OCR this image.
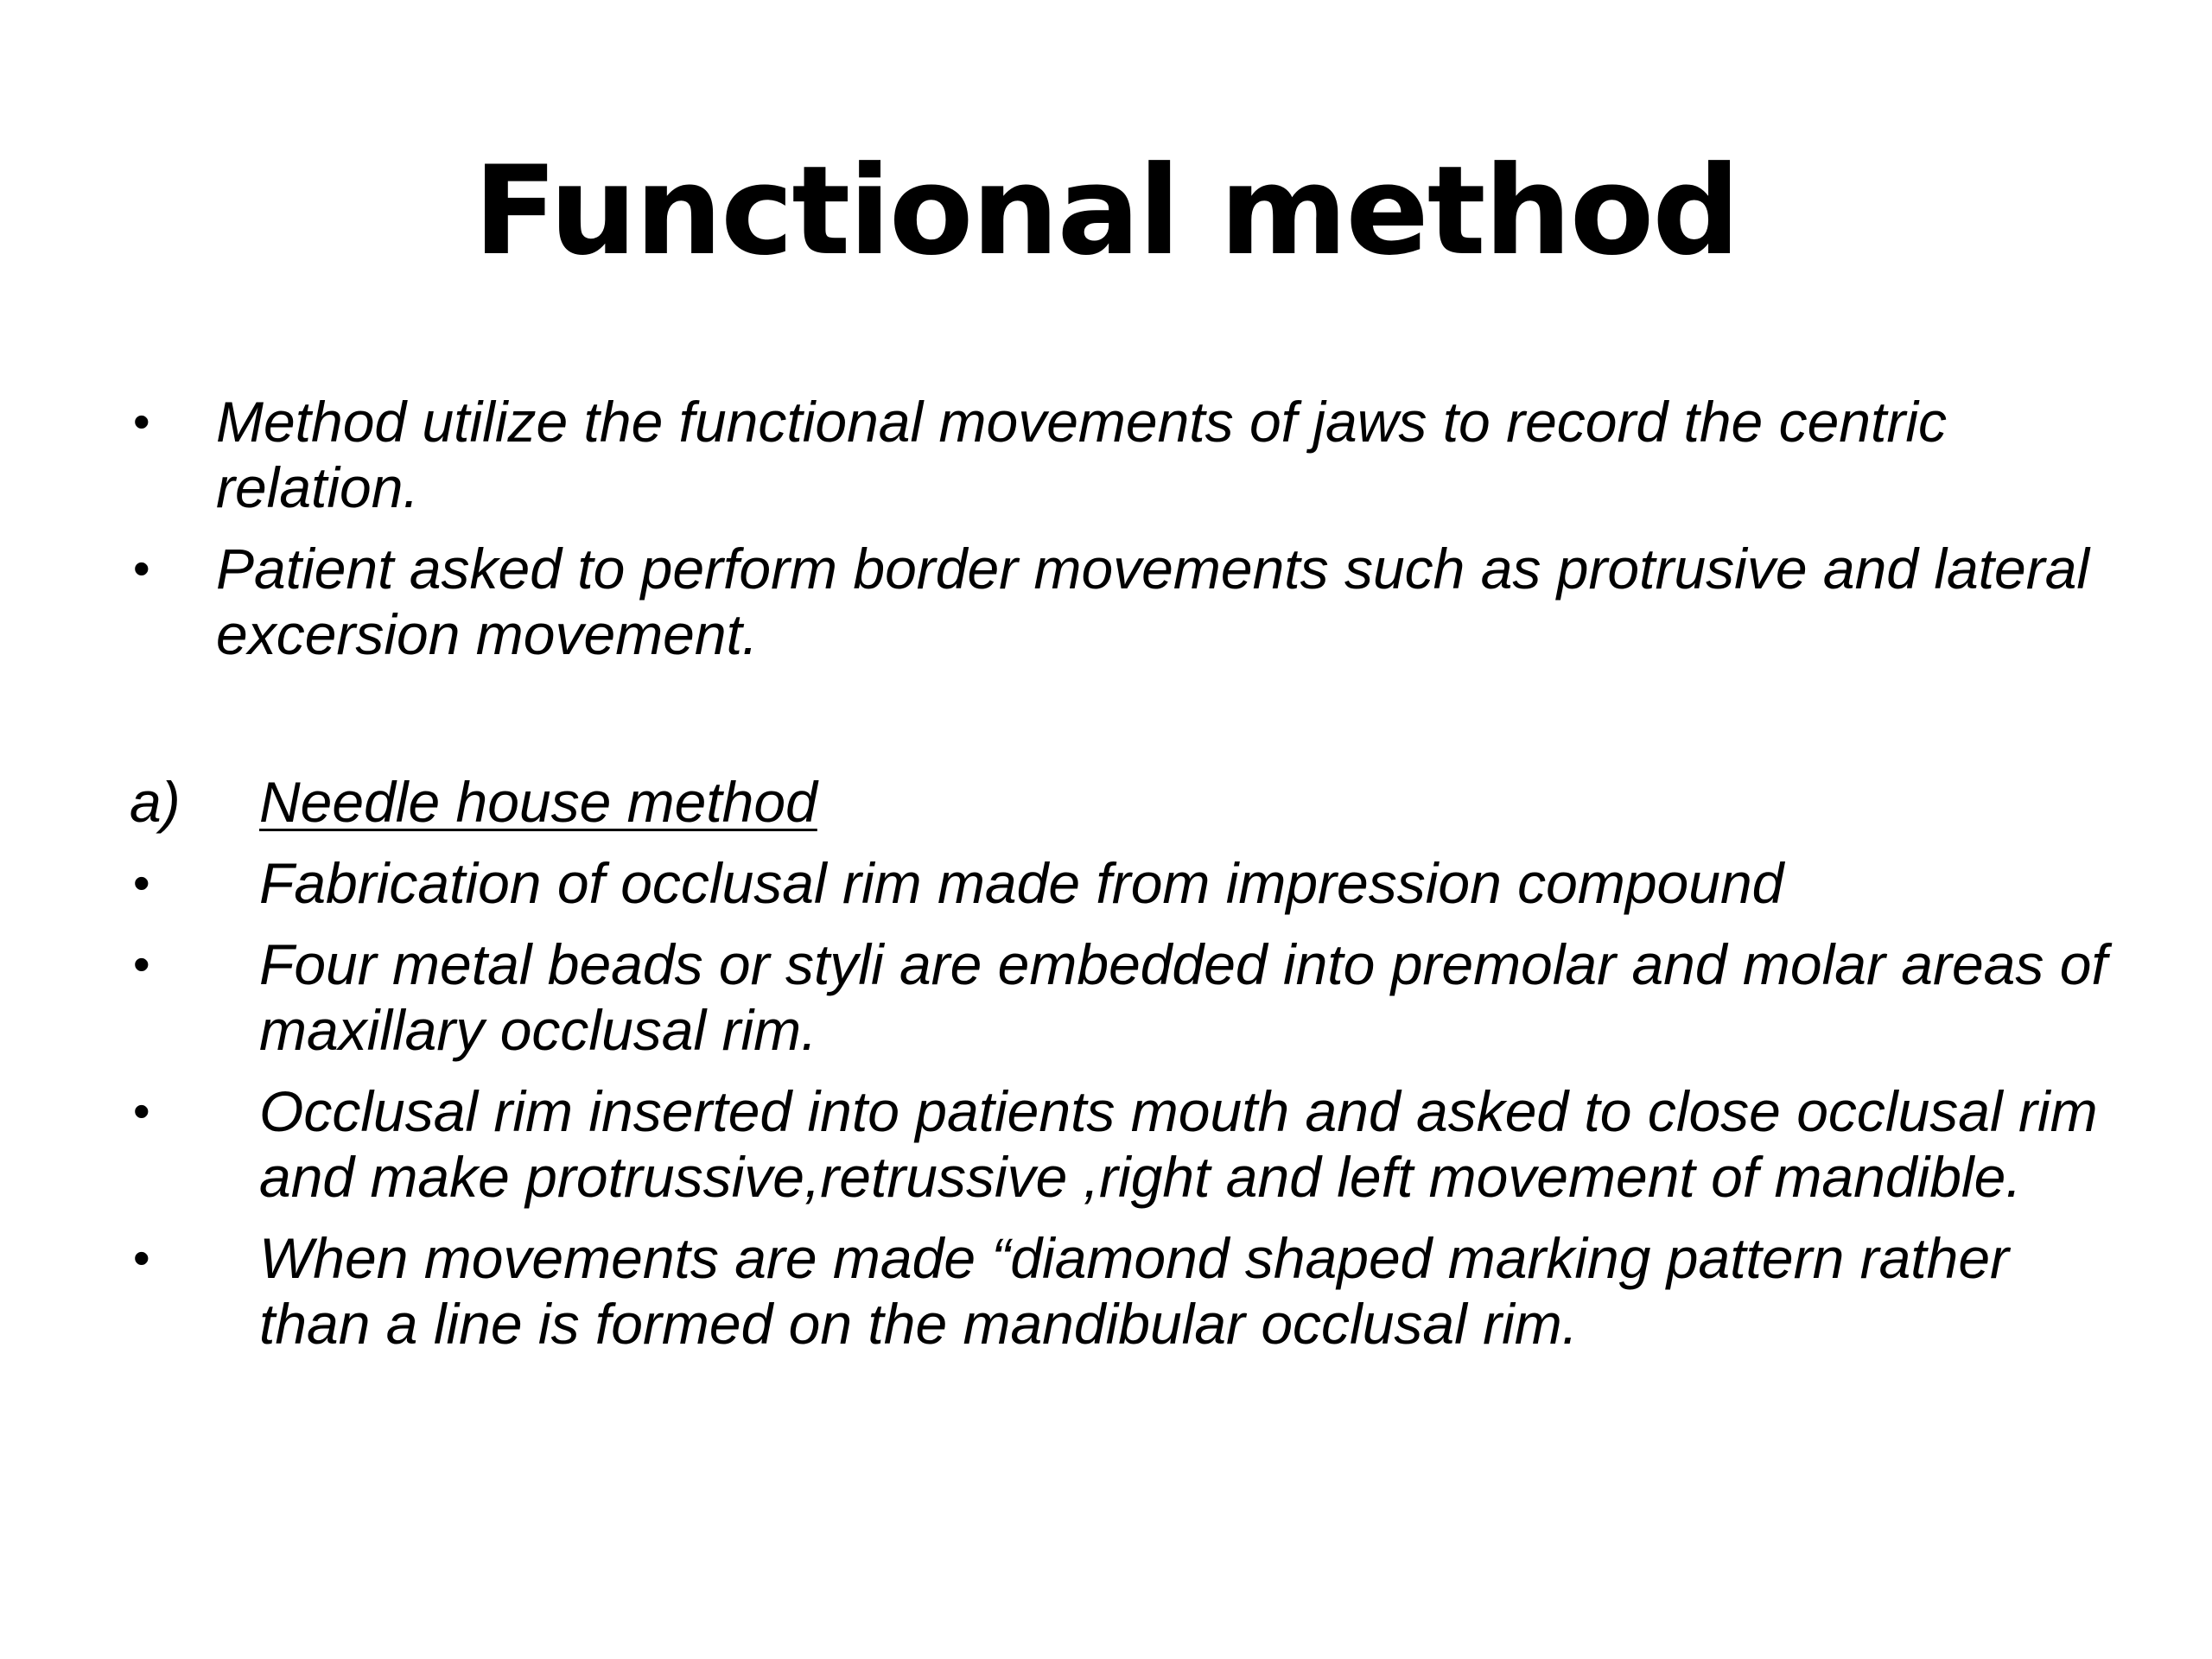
Functional method
•	Method utilize the functional movements of jaws to record the centric relation.
•	Patient asked to perform border movements such as protrusive and lateral excersion movement.
a)	Needle house method
•	Fabrication of occlusal rim made from impression compound
•	Four metal beads or styli are embedded into premolar and molar areas of maxillary occlusal rim.
•	Occlusal rim inserted into patients mouth and asked to close occlusal rim and make protrussive,retrussive ,right and left movement of mandible.
•	When movements are made “diamond shaped marking pattern rather than a line is formed on the mandibular occlusal rim.
